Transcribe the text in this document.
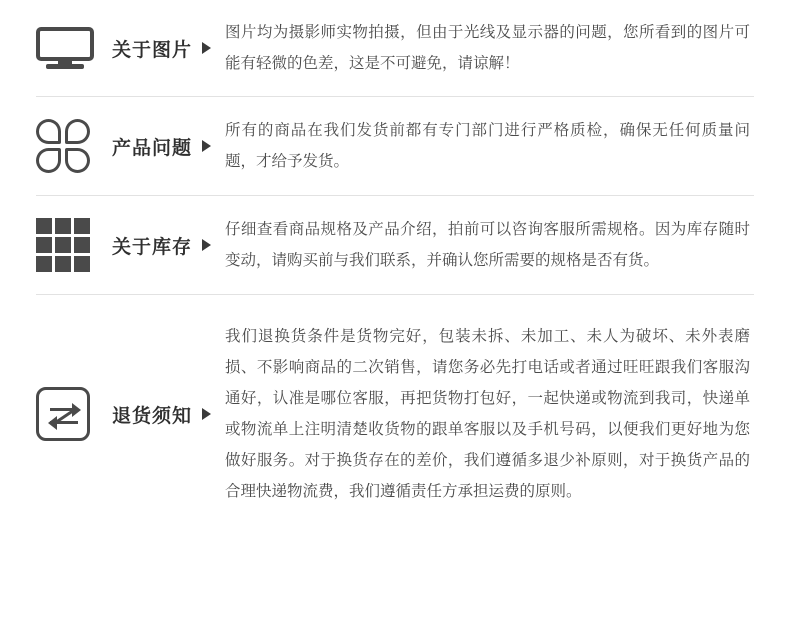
关于图片
图片均为摄影师实物拍摄，但由于光线及显示器的问题，您所看到的图片可能有轻微的色差，这是不可避免，请谅解！
产品问题
所有的商品在我们发货前都有专门部门进行严格质检，确保无任何质量问题，才给予发货。
关于库存
仔细查看商品规格及产品介绍，拍前可以咨询客服所需规格。因为库存随时变动，请购买前与我们联系，并确认您所需要的规格是否有货。
退货须知
我们退换货条件是货物完好，包装未拆、未加工、未人为破坏、未外表磨损、不影响商品的二次销售，请您务必先打电话或者通过旺旺跟我们客服沟通好，认准是哪位客服，再把货物打包好，一起快递或物流到我司，快递单或物流单上注明清楚收货物的跟单客服以及手机号码，以便我们更好地为您做好服务。对于换货存在的差价，我们遵循多退少补原则，对于换货产品的合理快递物流费，我们遵循责任方承担运费的原则。
